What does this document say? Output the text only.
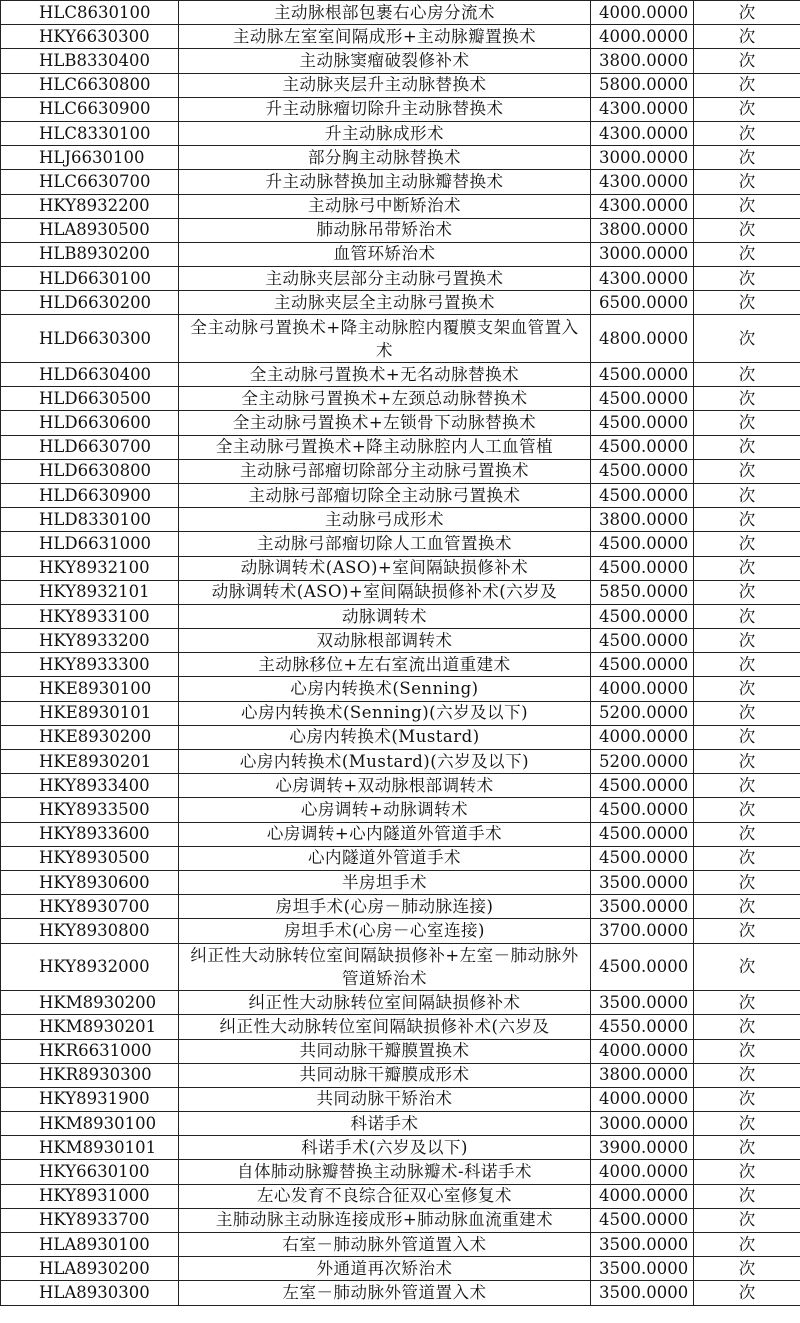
HLC8630100	主动脉根部包裹右心房分流术	4000.0000	次
HKY6630300	主动脉左室室间隔成形+主动脉瓣置换术	4000.0000	次
HLB8330400	主动脉窦瘤破裂修补术	3800.0000	次
HLC6630800	主动脉夹层升主动脉替换术	5800.0000	次
HLC6630900	升主动脉瘤切除升主动脉替换术	4300.0000	次
HLC8330100	升主动脉成形术	4300.0000	次
HLJ6630100	部分胸主动脉替换术	3000.0000	次
HLC6630700	升主动脉替换加主动脉瓣替换术	4300.0000	次
HKY8932200	主动脉弓中断矫治术	4300.0000	次
HLA8930500	肺动脉吊带矫治术	3800.0000	次
HLB8930200	血管环矫治术	3000.0000	次
HLD6630100	主动脉夹层部分主动脉弓置换术	4300.0000	次
HLD6630200	主动脉夹层全主动脉弓置换术	6500.0000	次
HLD6630300	全主动脉弓置换术+降主动脉腔内覆膜支架血管置入术	4800.0000	次
HLD6630400	全主动脉弓置换术+无名动脉替换术	4500.0000	次
HLD6630500	全主动脉弓置换术+左颈总动脉替换术	4500.0000	次
HLD6630600	全主动脉弓置换术+左锁骨下动脉替换术	4500.0000	次
HLD6630700	全主动脉弓置换术+降主动脉腔内人工血管植	4500.0000	次
HLD6630800	主动脉弓部瘤切除部分主动脉弓置换术	4500.0000	次
HLD6630900	主动脉弓部瘤切除全主动脉弓置换术	4500.0000	次
HLD8330100	主动脉弓成形术	3800.0000	次
HLD6631000	主动脉弓部瘤切除人工血管置换术	4500.0000	次
HKY8932100	动脉调转术(ASO)+室间隔缺损修补术	4500.0000	次
HKY8932101	动脉调转术(ASO)+室间隔缺损修补术(六岁及	5850.0000	次
HKY8933100	动脉调转术	4500.0000	次
HKY8933200	双动脉根部调转术	4500.0000	次
HKY8933300	主动脉移位+左右室流出道重建术	4500.0000	次
HKE8930100	心房内转换术(Senning)	4000.0000	次
HKE8930101	心房内转换术(Senning)(六岁及以下)	5200.0000	次
HKE8930200	心房内转换术(Mustard)	4000.0000	次
HKE8930201	心房内转换术(Mustard)(六岁及以下)	5200.0000	次
HKY8933400	心房调转+双动脉根部调转术	4500.0000	次
HKY8933500	心房调转+动脉调转术	4500.0000	次
HKY8933600	心房调转+心内隧道外管道手术	4500.0000	次
HKY8930500	心内隧道外管道手术	4500.0000	次
HKY8930600	半房坦手术	3500.0000	次
HKY8930700	房坦手术(心房－肺动脉连接)	3500.0000	次
HKY8930800	房坦手术(心房－心室连接)	3700.0000	次
HKY8932000	纠正性大动脉转位室间隔缺损修补+左室－肺动脉外管道矫治术	4500.0000	次
HKM8930200	纠正性大动脉转位室间隔缺损修补术	3500.0000	次
HKM8930201	纠正性大动脉转位室间隔缺损修补术(六岁及	4550.0000	次
HKR6631000	共同动脉干瓣膜置换术	4000.0000	次
HKR8930300	共同动脉干瓣膜成形术	3800.0000	次
HKY8931900	共同动脉干矫治术	4000.0000	次
HKM8930100	科诺手术	3000.0000	次
HKM8930101	科诺手术(六岁及以下)	3900.0000	次
HKY6630100	自体肺动脉瓣替换主动脉瓣术-科诺手术	4000.0000	次
HKY8931000	左心发育不良综合征双心室修复术	4000.0000	次
HKY8933700	主肺动脉主动脉连接成形+肺动脉血流重建术	4500.0000	次
HLA8930100	右室－肺动脉外管道置入术	3500.0000	次
HLA8930200	外通道再次矫治术	3500.0000	次
HLA8930300	左室－肺动脉外管道置入术	3500.0000	次
